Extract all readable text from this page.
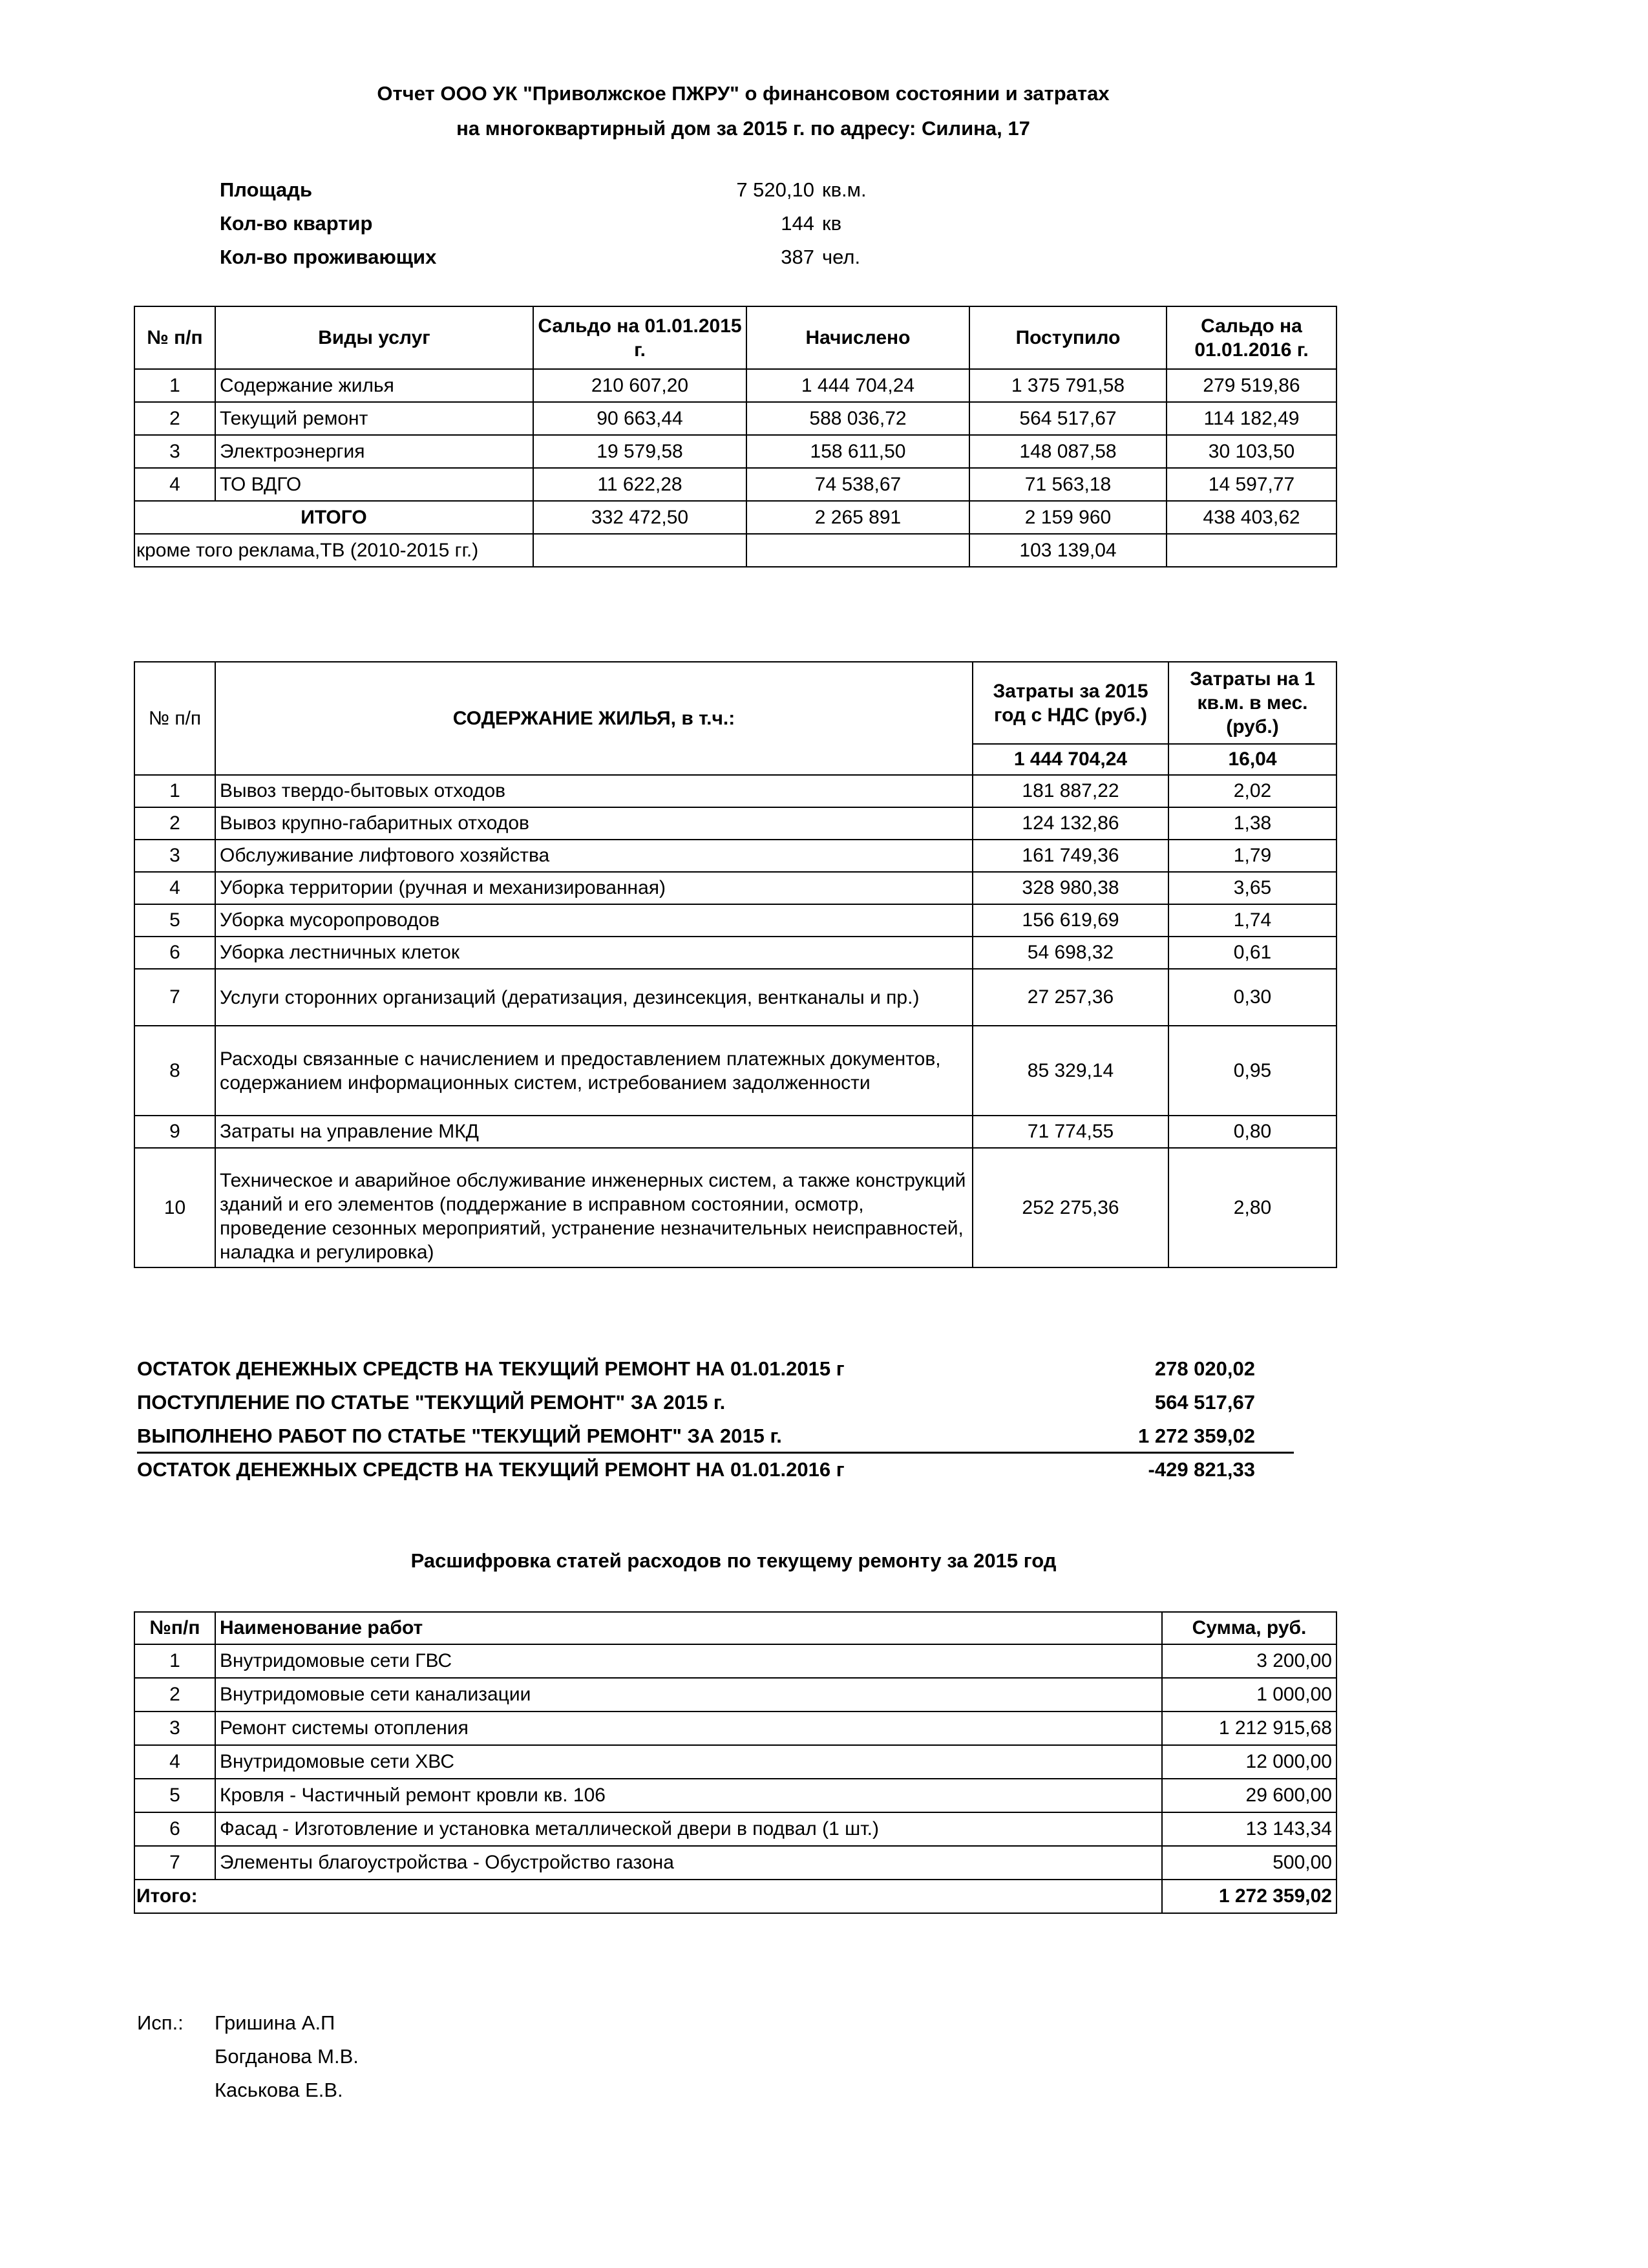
Отчет ООО УК "Приволжское ПЖРУ" о финансовом состоянии и затратах
на многоквартирный дом за 2015 г. по адресу: Силина, 17
Площадь	7 520,10 кв.м.
Кол-во квартир	144 кв
Кол-во проживающих	387 чел.
№ п/п	Виды услуг	Сальдо на 01.01.2015 г.	Начислено	Поступило	Сальдо на 01.01.2016 г.
1	Содержание жилья	210 607,20	1 444 704,24	1 375 791,58	279 519,86
2	Текущий ремонт	90 663,44	588 036,72	564 517,67	114 182,49
3	Электроэнергия	19 579,58	158 611,50	148 087,58	30 103,50
4	ТО ВДГО	11 622,28	74 538,67	71 563,18	14 597,77
ИТОГО		332 472,50	2 265 891	2 159 960	438 403,62
кроме того реклама,ТВ (2010-2015 гг.)				103 139,04	
№ п/п	СОДЕРЖАНИЕ ЖИЛЬЯ, в т.ч.:	Затраты за 2015 год с НДС (руб.)	Затраты на 1 кв.м. в мес. (руб.)
		1 444 704,24	16,04
1	Вывоз твердо-бытовых отходов	181 887,22	2,02
2	Вывоз крупно-габаритных отходов	124 132,86	1,38
3	Обслуживание лифтового хозяйства	161 749,36	1,79
4	Уборка территории (ручная и механизированная)	328 980,38	3,65
5	Уборка мусоропроводов	156 619,69	1,74
6	Уборка лестничных клеток	54 698,32	0,61
7	Услуги сторонних организаций (дератизация, дезинсекция, вентканалы и пр.)	27 257,36	0,30
8	Расходы связанные с начислением и предоставлением платежных документов, содержанием информационных систем, истребованием задолженности	85 329,14	0,95
9	Затраты на управление МКД	71 774,55	0,80
10	Техническое и аварийное обслуживание инженерных систем, а также конструкций зданий и его элементов (поддержание в исправном состоянии, осмотр, проведение сезонных мероприятий, устранение незначительных неисправностей, наладка и регулировка)	252 275,36	2,80
ОСТАТОК ДЕНЕЖНЫХ СРЕДСТВ НА ТЕКУЩИЙ РЕМОНТ НА 01.01.2015 г	278 020,02
ПОСТУПЛЕНИЕ ПО СТАТЬЕ "ТЕКУЩИЙ РЕМОНТ" ЗА 2015 г.	564 517,67
ВЫПОЛНЕНО РАБОТ ПО СТАТЬЕ "ТЕКУЩИЙ РЕМОНТ" ЗА 2015 г.	1 272 359,02
ОСТАТОК ДЕНЕЖНЫХ СРЕДСТВ НА ТЕКУЩИЙ РЕМОНТ НА 01.01.2016 г	-429 821,33
Расшифровка статей расходов по текущему ремонту за 2015 год
№п/п	Наименование работ	Сумма, руб.
1	Внутридомовые сети ГВС	3 200,00
2	Внутридомовые сети канализации	1 000,00
3	Ремонт системы отопления	1 212 915,68
4	Внутридомовые сети ХВС	12 000,00
5	Кровля - Частичный ремонт кровли кв. 106	29 600,00
6	Фасад - Изготовление и установка металлической двери в подвал (1 шт.)	13 143,34
7	Элементы благоустройства - Обустройство газона	500,00
Итого:		1 272 359,02
Исп.: Гришина А.П
Богданова М.В.
Каськова Е.В.
